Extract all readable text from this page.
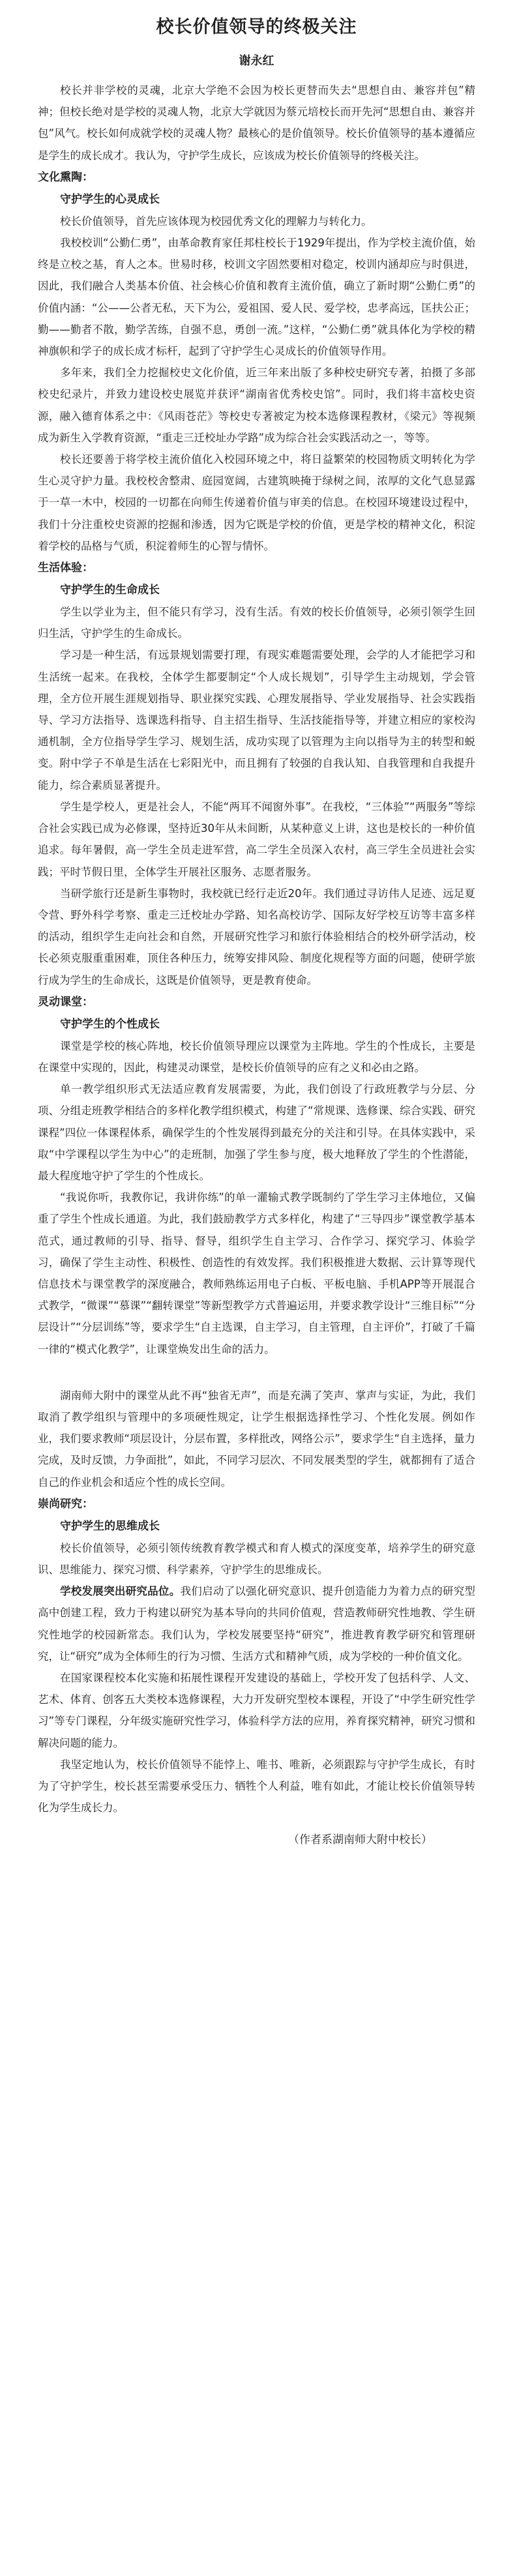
校长价值领导的终极关注
谢永红

校长并非学校的灵魂，北京大学绝不会因为校长更替而失去“思想自由、兼容并包”精神；但校长绝对是学校的灵魂人物，北京大学就因为蔡元培校长而开先河“思想自由、兼容并包”风气。校长如何成就学校的灵魂人物？最核心的是价值领导。校长价值领导的基本遵循应是学生的成长成才。我认为，守护学生成长，应该成为校长价值领导的终极关注。

文化熏陶：
守护学生的心灵成长

校长价值领导，首先应该体现为校园优秀文化的理解力与转化力。

我校校训“公勤仁勇”，由革命教育家任邦柱校长于1929年提出，作为学校主流价值，始终是立校之基，育人之本。世易时移，校训文字固然要相对稳定，校训内涵却应与时俱进，因此，我们融合人类基本价值、社会核心价值和教育主流价值，确立了新时期“公勤仁勇”的价值内涵：“公——公者无私，天下为公，爱祖国、爱人民、爱学校，忠孝高远，匡扶公正；勤——勤者不散，勤学苦练，自强不息，勇创一流。”这样，“公勤仁勇”就具体化为学校的精神旗帜和学子的成长成才标杆，起到了守护学生心灵成长的价值领导作用。

多年来，我们全力挖掘校史文化价值，近三年来出版了多种校史研究专著，拍摄了多部校史纪录片，并致力建设校史展览并获评“湖南省优秀校史馆”。同时，我们将丰富校史资源，融入德育体系之中：《风雨苍茫》等校史专著被定为校本选修课程教材，《梁元》等视频成为新生入学教育资源，“重走三迁校址办学路”成为综合社会实践活动之一，等等。

校长还要善于将学校主流价值化入校园环境之中，将日益繁荣的校园物质文明转化为学生心灵守护力量。我校校舍整肃、庭园宽阔，古建筑映掩于绿树之间，浓厚的文化气息显露于一草一木中，校园的一切都在向师生传递着价值与审美的信息。在校园环境建设过程中，我们十分注重校史资源的挖掘和渗透，因为它既是学校的价值，更是学校的精神文化，积淀着学校的品格与气质，积淀着师生的心智与情怀。

生活体验：
守护学生的生命成长

学生以学业为主，但不能只有学习，没有生活。有效的校长价值领导，必须引领学生回归生活，守护学生的生命成长。

学习是一种生活，有远景规划需要打理，有现实难题需要处理，会学的人才能把学习和生活统一起来。在我校，全体学生都要制定“个人成长规划”，引导学生主动规划，学会管理，全方位开展生涯规划指导、职业探究实践、心理发展指导、学业发展指导、社会实践指导、学习方法指导、选课选科指导、自主招生指导、生活技能指导等，并建立相应的家校沟通机制，全方位指导学生学习、规划生活，成功实现了以管理为主向以指导为主的转型和蜕变。附中学子不单是生活在七彩阳光中，而且拥有了较强的自我认知、自我管理和自我提升能力，综合素质显著提升。

学生是学校人，更是社会人，不能“两耳不闻窗外事”。在我校，“三体验”“两服务”等综合社会实践已成为必修课，坚持近30年从未间断，从某种意义上讲，这也是校长的一种价值追求。每年暑假，高一学生全员走进军营，高二学生全员深入农村，高三学生全员进社会实践；平时节假日里，全体学生开展社区服务、志愿者服务。

当研学旅行还是新生事物时，我校就已经行走近20年。我们通过寻访伟人足迹、远足夏令营、野外科学考察、重走三迁校址办学路、知名高校访学、国际友好学校互访等丰富多样的活动，组织学生走向社会和自然，开展研究性学习和旅行体验相结合的校外研学活动，校长必须克服重重困难，顶住各种压力，统筹安排风险、制度化规程等方面的问题，使研学旅行成为学生的生命成长，这既是价值领导，更是教育使命。

灵动课堂：
守护学生的个性成长

课堂是学校的核心阵地，校长价值领导理应以课堂为主阵地。学生的个性成长，主要是在课堂中实现的，因此，构建灵动课堂，是校长价值领导的应有之义和必由之路。

单一教学组织形式无法适应教育发展需要，为此，我们创设了行政班教学与分层、分项、分组走班教学相结合的多样化教学组织模式，构建了“常规课、选修课、综合实践、研究课程”四位一体课程体系，确保学生的个性发展得到最充分的关注和引导。在具体实践中，采取“中学课程以学生为中心”的走班制，加强了学生参与度，极大地释放了学生的个性潜能，最大程度地守护了学生的个性成长。

“我说你听，我教你记，我讲你练”的单一灌输式教学既制约了学生学习主体地位，又偏重了学生个性成长通道。为此，我们鼓励教学方式多样化，构建了“三导四步”课堂教学基本范式，通过教师的引导、指导、督导，组织学生自主学习、合作学习、探究学习、体验学习，确保了学生主动性、积极性、创造性的有效发挥。我们积极推进大数据、云计算等现代信息技术与课堂教学的深度融合，教师熟练运用电子白板、平板电脑、手机APP等开展混合式教学，“微课”“慕课”“翻转课堂”等新型教学方式普遍运用，并要求教学设计“三维目标”“分层设计”“分层训练”等，要求学生“自主选课，自主学习，自主管理，自主评价”，打破了千篇一律的“模式化教学”，让课堂焕发出生命的活力。

湖南师大附中的课堂从此不再“独省无声”，而是充满了笑声、掌声与实证，为此，我们取消了教学组织与管理中的多项硬性规定，让学生根据选择性学习、个性化发展。例如作业，我们要求教师“项层设计，分层布置，多样批改，网络公示”，要求学生“自主选择，量力完成，及时反馈，力争面批”，如此，不同学习层次、不同发展类型的学生，就都拥有了适合自己的作业机会和适应个性的成长空间。

崇尚研究：
守护学生的思维成长

校长价值领导，必须引领传统教育教学模式和育人模式的深度变革，培养学生的研究意识、思维能力、探究习惯、科学素养，守护学生的思维成长。

学校发展突出研究品位。我们启动了以强化研究意识、提升创造能力为着力点的研究型高中创建工程，致力于构建以研究为基本导向的共同价值观，营造教师研究性地教、学生研究性地学的校园新常态。我们认为，学校发展要坚持“研究”，推进教育教学研究和管理研究，让“研究”成为全体师生的行为习惯、生活方式和精神气质，成为学校的一种价值文化。

在国家课程校本化实施和拓展性课程开发建设的基础上，学校开发了包括科学、人文、艺术、体育、创客五大类校本选修课程，大力开发研究型校本课程，开设了“中学生研究性学习”等专门课程，分年级实施研究性学习，体验科学方法的应用，养育探究精神，研究习惯和解决问题的能力。

我坚定地认为，校长价值领导不能悖上、唯书、唯新，必须跟踪与守护学生成长，有时为了守护学生，校长甚至需要承受压力、牺牲个人利益，唯有如此，才能让校长价值领导转化为学生成长力。

（作者系湖南师大附中校长）
